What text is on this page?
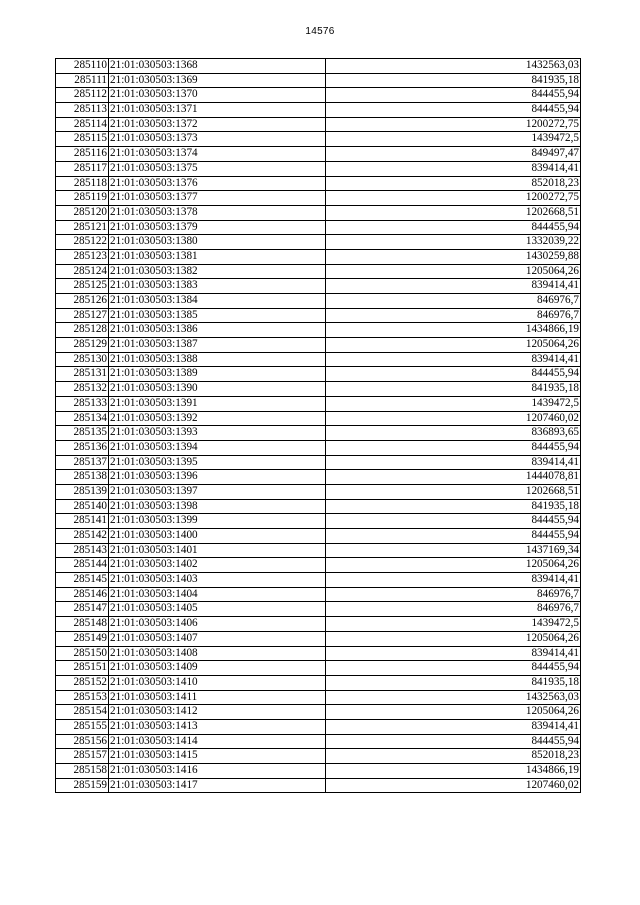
14576
285110	21:01:030503:1368	1432563,03
285111	21:01:030503:1369	841935,18
285112	21:01:030503:1370	844455,94
285113	21:01:030503:1371	844455,94
285114	21:01:030503:1372	1200272,75
285115	21:01:030503:1373	1439472,5
285116	21:01:030503:1374	849497,47
285117	21:01:030503:1375	839414,41
285118	21:01:030503:1376	852018,23
285119	21:01:030503:1377	1200272,75
285120	21:01:030503:1378	1202668,51
285121	21:01:030503:1379	844455,94
285122	21:01:030503:1380	1332039,22
285123	21:01:030503:1381	1430259,88
285124	21:01:030503:1382	1205064,26
285125	21:01:030503:1383	839414,41
285126	21:01:030503:1384	846976,7
285127	21:01:030503:1385	846976,7
285128	21:01:030503:1386	1434866,19
285129	21:01:030503:1387	1205064,26
285130	21:01:030503:1388	839414,41
285131	21:01:030503:1389	844455,94
285132	21:01:030503:1390	841935,18
285133	21:01:030503:1391	1439472,5
285134	21:01:030503:1392	1207460,02
285135	21:01:030503:1393	836893,65
285136	21:01:030503:1394	844455,94
285137	21:01:030503:1395	839414,41
285138	21:01:030503:1396	1444078,81
285139	21:01:030503:1397	1202668,51
285140	21:01:030503:1398	841935,18
285141	21:01:030503:1399	844455,94
285142	21:01:030503:1400	844455,94
285143	21:01:030503:1401	1437169,34
285144	21:01:030503:1402	1205064,26
285145	21:01:030503:1403	839414,41
285146	21:01:030503:1404	846976,7
285147	21:01:030503:1405	846976,7
285148	21:01:030503:1406	1439472,5
285149	21:01:030503:1407	1205064,26
285150	21:01:030503:1408	839414,41
285151	21:01:030503:1409	844455,94
285152	21:01:030503:1410	841935,18
285153	21:01:030503:1411	1432563,03
285154	21:01:030503:1412	1205064,26
285155	21:01:030503:1413	839414,41
285156	21:01:030503:1414	844455,94
285157	21:01:030503:1415	852018,23
285158	21:01:030503:1416	1434866,19
285159	21:01:030503:1417	1207460,02
